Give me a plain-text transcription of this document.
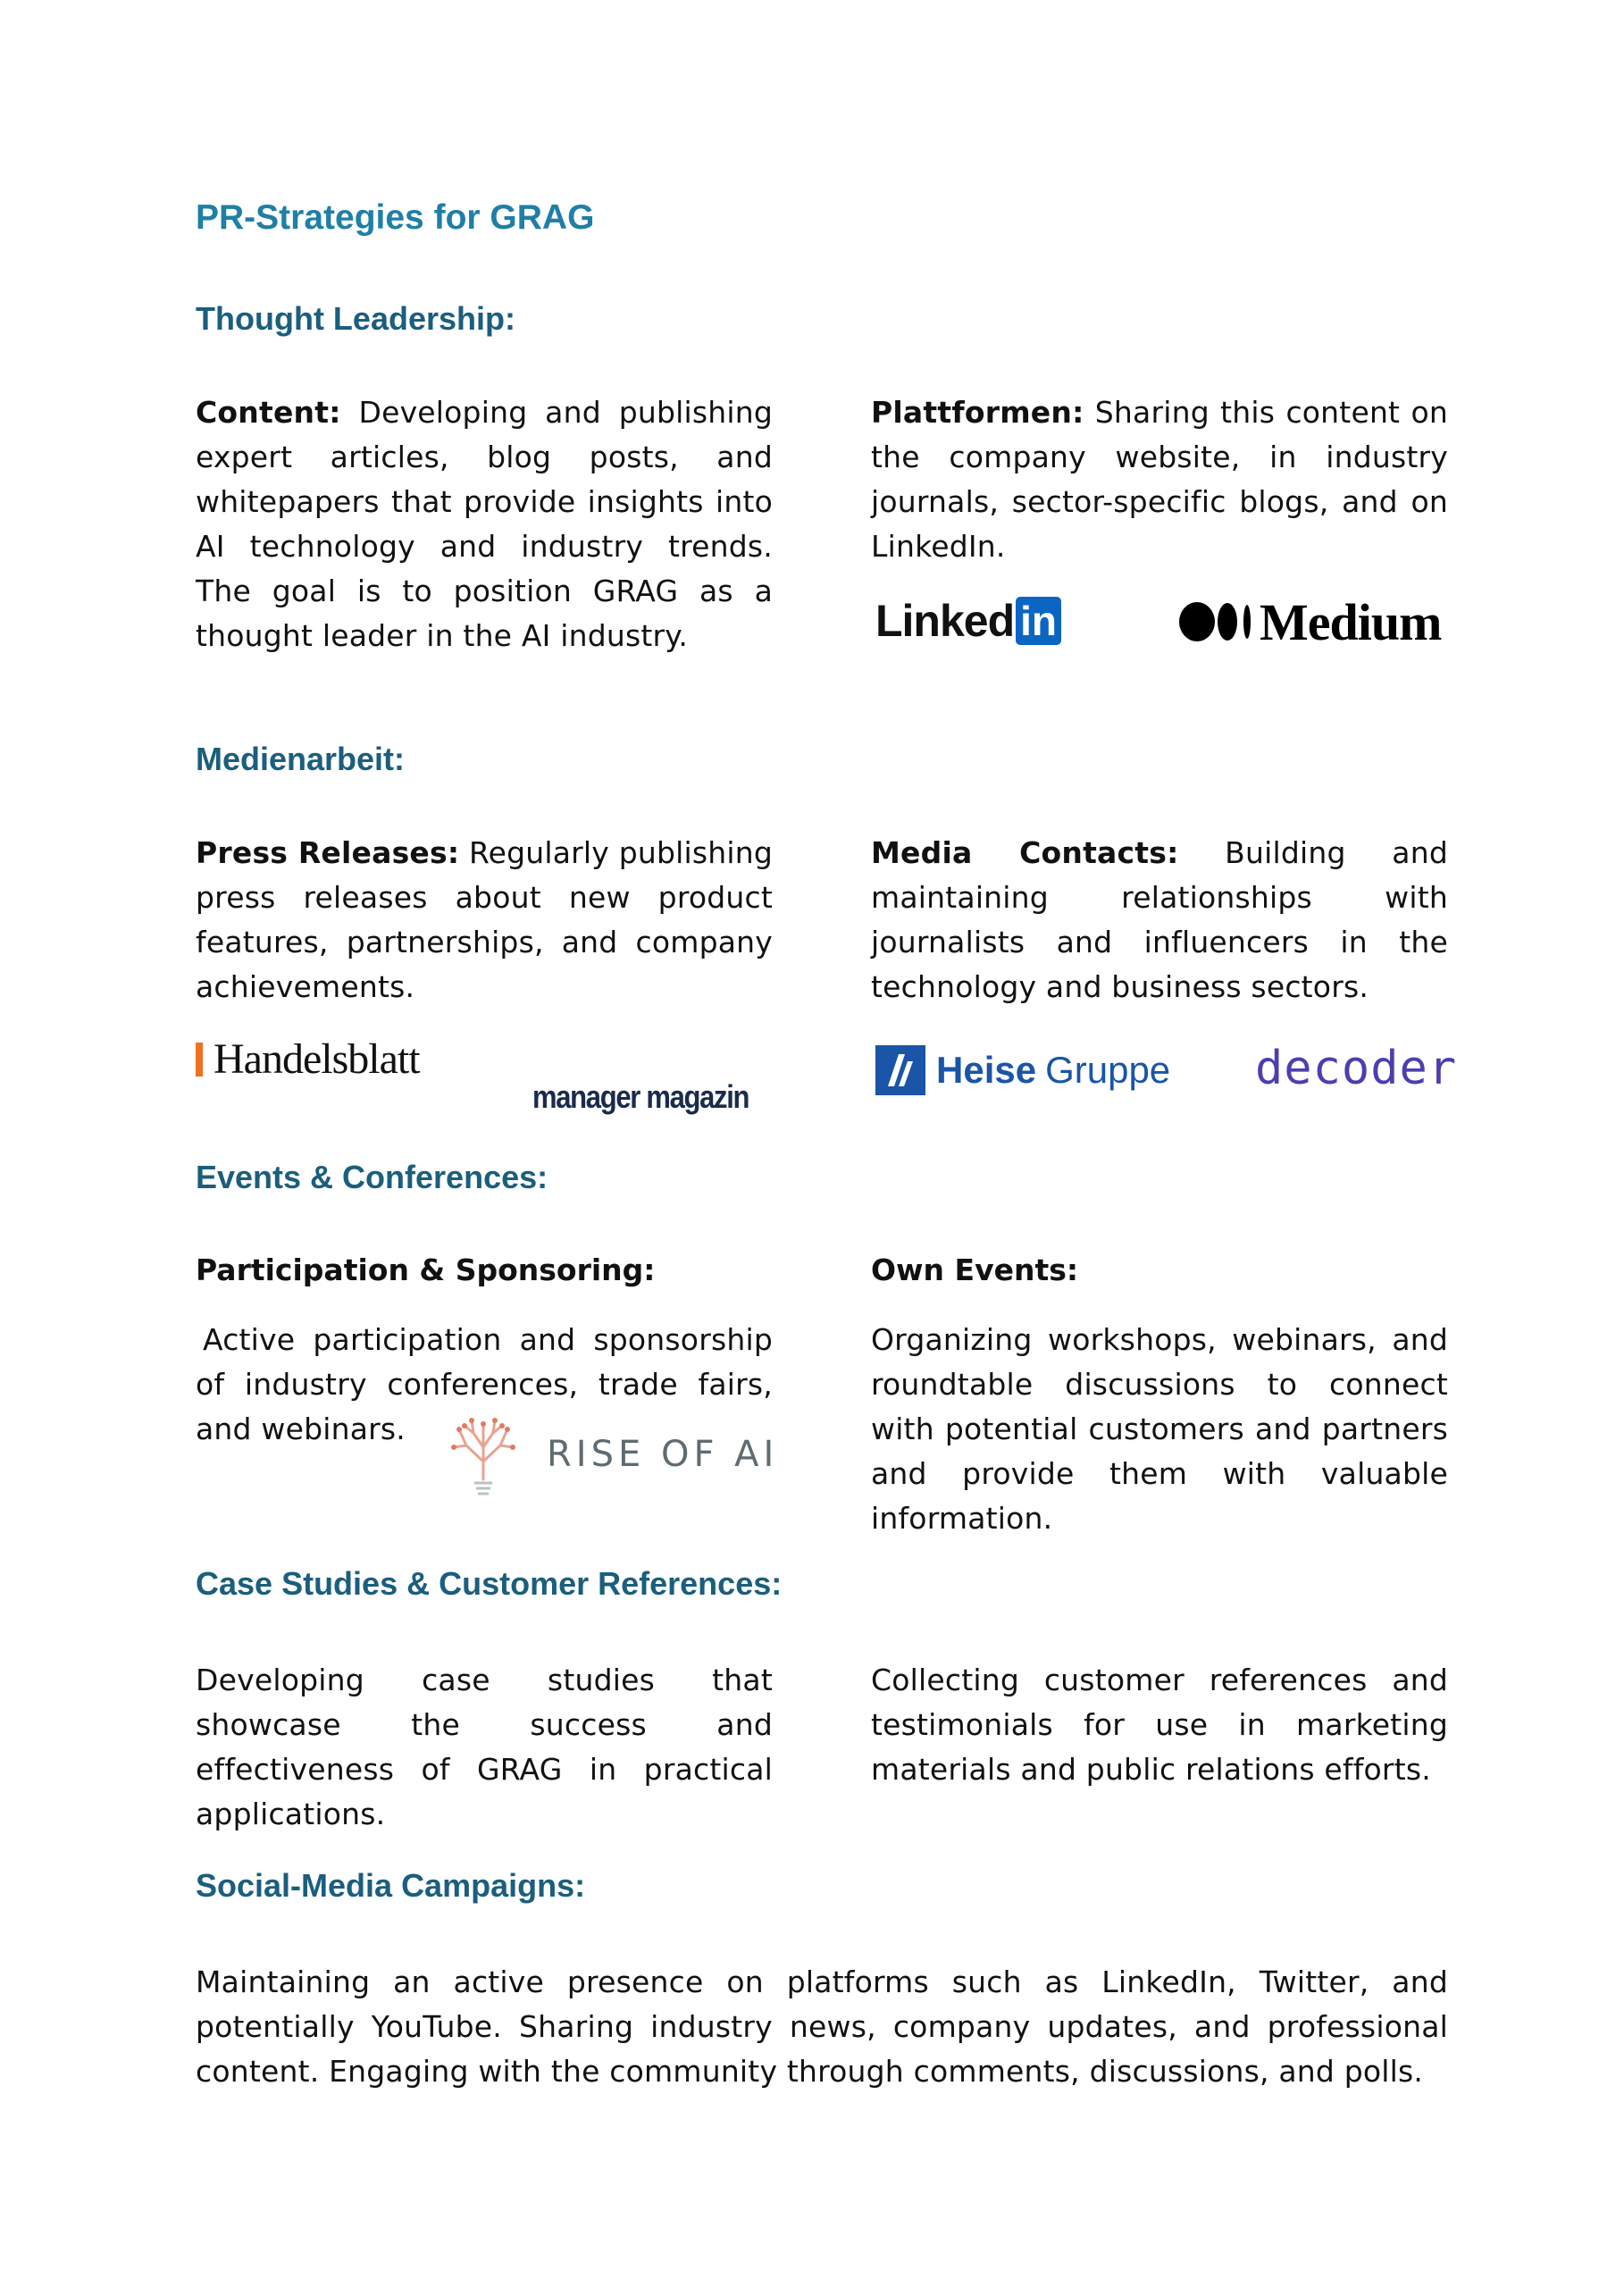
PR-Strategies for GRAG
Thought Leadership:
Content: Developing and publishing expert articles, blog posts, and whitepapers that provide insights into AI technology and industry trends. The goal is to position GRAG as a thought leader in the AI industry.
Plattformen: Sharing this content on the company website, in industry journals, sector-specific blogs, and on LinkedIn.
Linked in	Medium
Medienarbeit:
Press Releases: Regularly publishing press releases about new product features, partnerships, and company achievements.
Media Contacts: Building and maintaining relationships with journalists and influencers in the technology and business sectors.
Handelsblatt
manager magazin
Heise Gruppe decoder
Events & Conferences:
Participation & Sponsoring:	Own Events:
Active participation and sponsorship of industry conferences, trade fairs, and webinars.
Organizing workshops, webinars, and roundtable discussions to connect with potential customers and partners and provide them with valuable information.
RISE OF AI
Case Studies & Customer References:
Developing case studies that showcase the success and effectiveness of GRAG in practical applications.
Collecting customer references and testimonials for use in marketing materials and public relations efforts.
Social-Media Campaigns:
Maintaining an active presence on platforms such as LinkedIn, Twitter, and potentially YouTube. Sharing industry news, company updates, and professional content. Engaging with the community through comments, discussions, and polls.
